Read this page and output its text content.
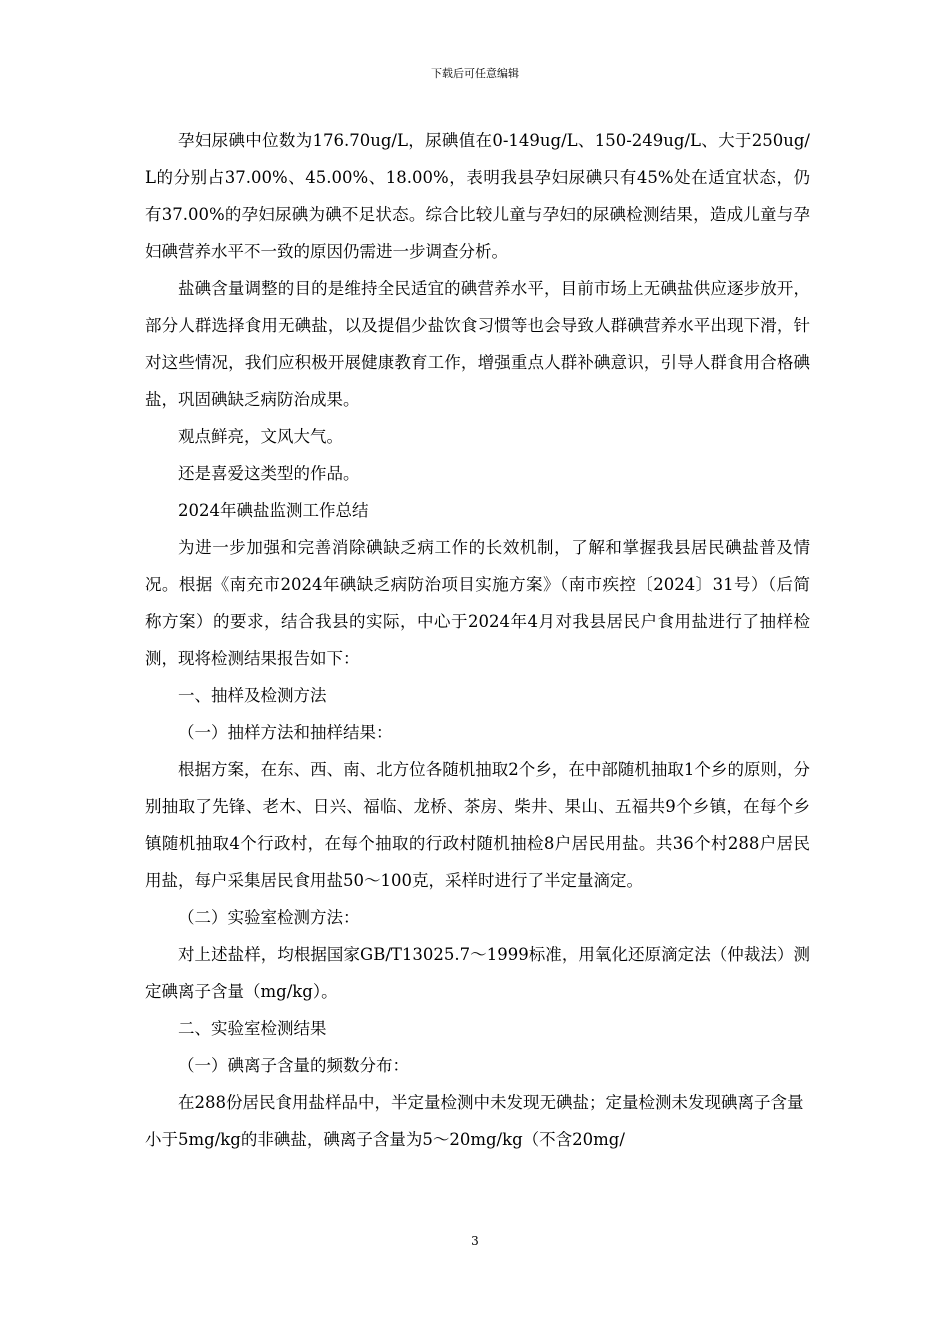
下载后可任意编辑

孕妇尿碘中位数为176.70ug/L，尿碘值在0-149ug/L、150-249ug/L、大于250ug/L的分别占37.00%、45.00%、18.00%，表明我县孕妇尿碘只有45%处在适宜状态，仍有37.00%的孕妇尿碘为碘不足状态。综合比较儿童与孕妇的尿碘检测结果，造成儿童与孕妇碘营养水平不一致的原因仍需进一步调查分析。

盐碘含量调整的目的是维持全民适宜的碘营养水平，目前市场上无碘盐供应逐步放开，部分人群选择食用无碘盐，以及提倡少盐饮食习惯等也会导致人群碘营养水平出现下滑，针对这些情况，我们应积极开展健康教育工作，增强重点人群补碘意识，引导人群食用合格碘盐，巩固碘缺乏病防治成果。

观点鲜亮，文风大气。

还是喜爱这类型的作品。

2024年碘盐监测工作总结

为进一步加强和完善消除碘缺乏病工作的长效机制，了解和掌握我县居民碘盐普及情况。根据《南充市2024年碘缺乏病防治项目实施方案》（南市疾控〔2024〕31号）（后简称方案）的要求，结合我县的实际，中心于2024年4月对我县居民户食用盐进行了抽样检测，现将检测结果报告如下：

一、抽样及检测方法

（一）抽样方法和抽样结果：

根据方案，在东、西、南、北方位各随机抽取2个乡，在中部随机抽取1个乡的原则，分别抽取了先锋、老木、日兴、福临、龙桥、茶房、柴井、果山、五福共9个乡镇，在每个乡镇随机抽取4个行政村，在每个抽取的行政村随机抽检8户居民用盐。共36个村288户居民用盐，每户采集居民食用盐50～100克，采样时进行了半定量滴定。

（二）实验室检测方法：

对上述盐样，均根据国家GB/T13025.7～1999标准，用氧化还原滴定法（仲裁法）测定碘离子含量（mg/kg）。

二、实验室检测结果

（一）碘离子含量的频数分布：

在288份居民食用盐样品中，半定量检测中未发现无碘盐；定量检测未发现碘离子含量小于5mg/kg的非碘盐，碘离子含量为5～20mg/kg（不含20mg/

3
